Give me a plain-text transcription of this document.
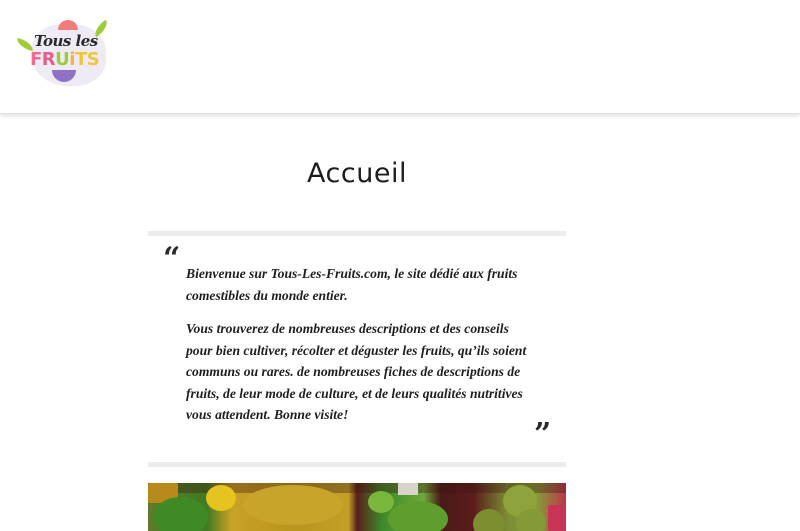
Tous les
FRUiTS
Accueil
“ Bienvenue sur Tous-Les-Fruits.com, le site dédié aux fruits comestibles du monde entier.

Vous trouverez de nombreuses descriptions et des conseils pour bien cultiver, récolter et déguster les fruits, qu’ils soient communs ou rares. de nombreuses fiches de descriptions de fruits, de leur mode de culture, et de leurs qualités nutritives vous attendent. Bonne visite!

”
